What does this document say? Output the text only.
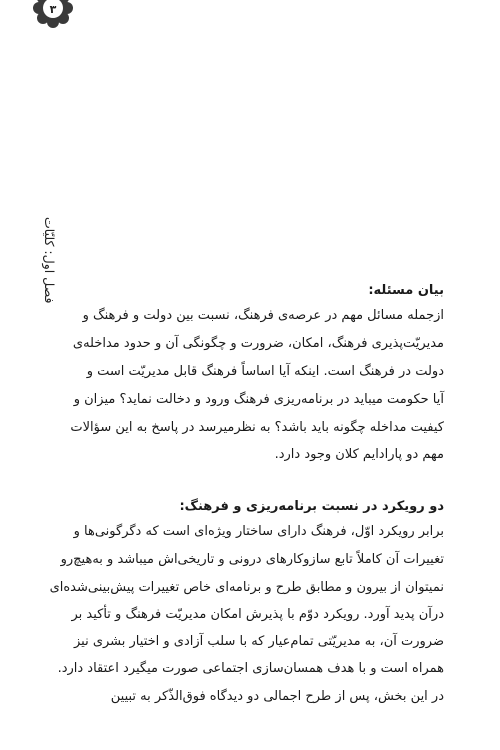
۳
فصل اول: کلیّات	بیان مسئله:
ازجمله مسائل مهم در عرصه‌ی فرهنگ، نسبت بین دولت و فرهنگ و
مدیریّت‌پذیری فرهنگ، امکان، ضرورت و چگونگی آن و حدود مداخله‌ی
دولت در فرهنگ است. اینکه آیا اساساً فرهنگ قابل مدیریّت است و
آیا حکومت میباید در برنامه‌ریزی فرهنگ ورود و دخالت نماید؟ میزان و
کیفیت مداخله چگونه باید باشد؟ به نظرمیرسد در پاسخ به این سؤالات
مهم دو پارادایم کلان وجود دارد.
دو رویکرد در نسبت برنامه‌ریزی و فرهنگ:
برابر رویکرد اوّل، فرهنگ دارای ساختار ویژه‌ای است که دگرگونی‌ها و
تغییرات آن کاملاً تابع سازوکارهای درونی و تاریخی‌اش میباشد و به‌هیچ‌رو
نمیتوان از بیرون و مطابق طرح و برنامه‌ای خاص تغییرات پیش‌بینی‌شده‌ای
درآن پدید آورد. رویکرد دوّم با پذیرش امکان مدیریّت فرهنگ و تأکید بر
ضرورت آن، به مدیریّتی تمام‌عیار که با سلب آزادی و اختیار بشری نیز
همراه است و با هدف همسان‌سازی اجتماعی صورت میگیرد اعتقاد دارد.
در این بخش، پس از طرح اجمالی دو دیدگاه فوق‌الذّکر به تبیین
